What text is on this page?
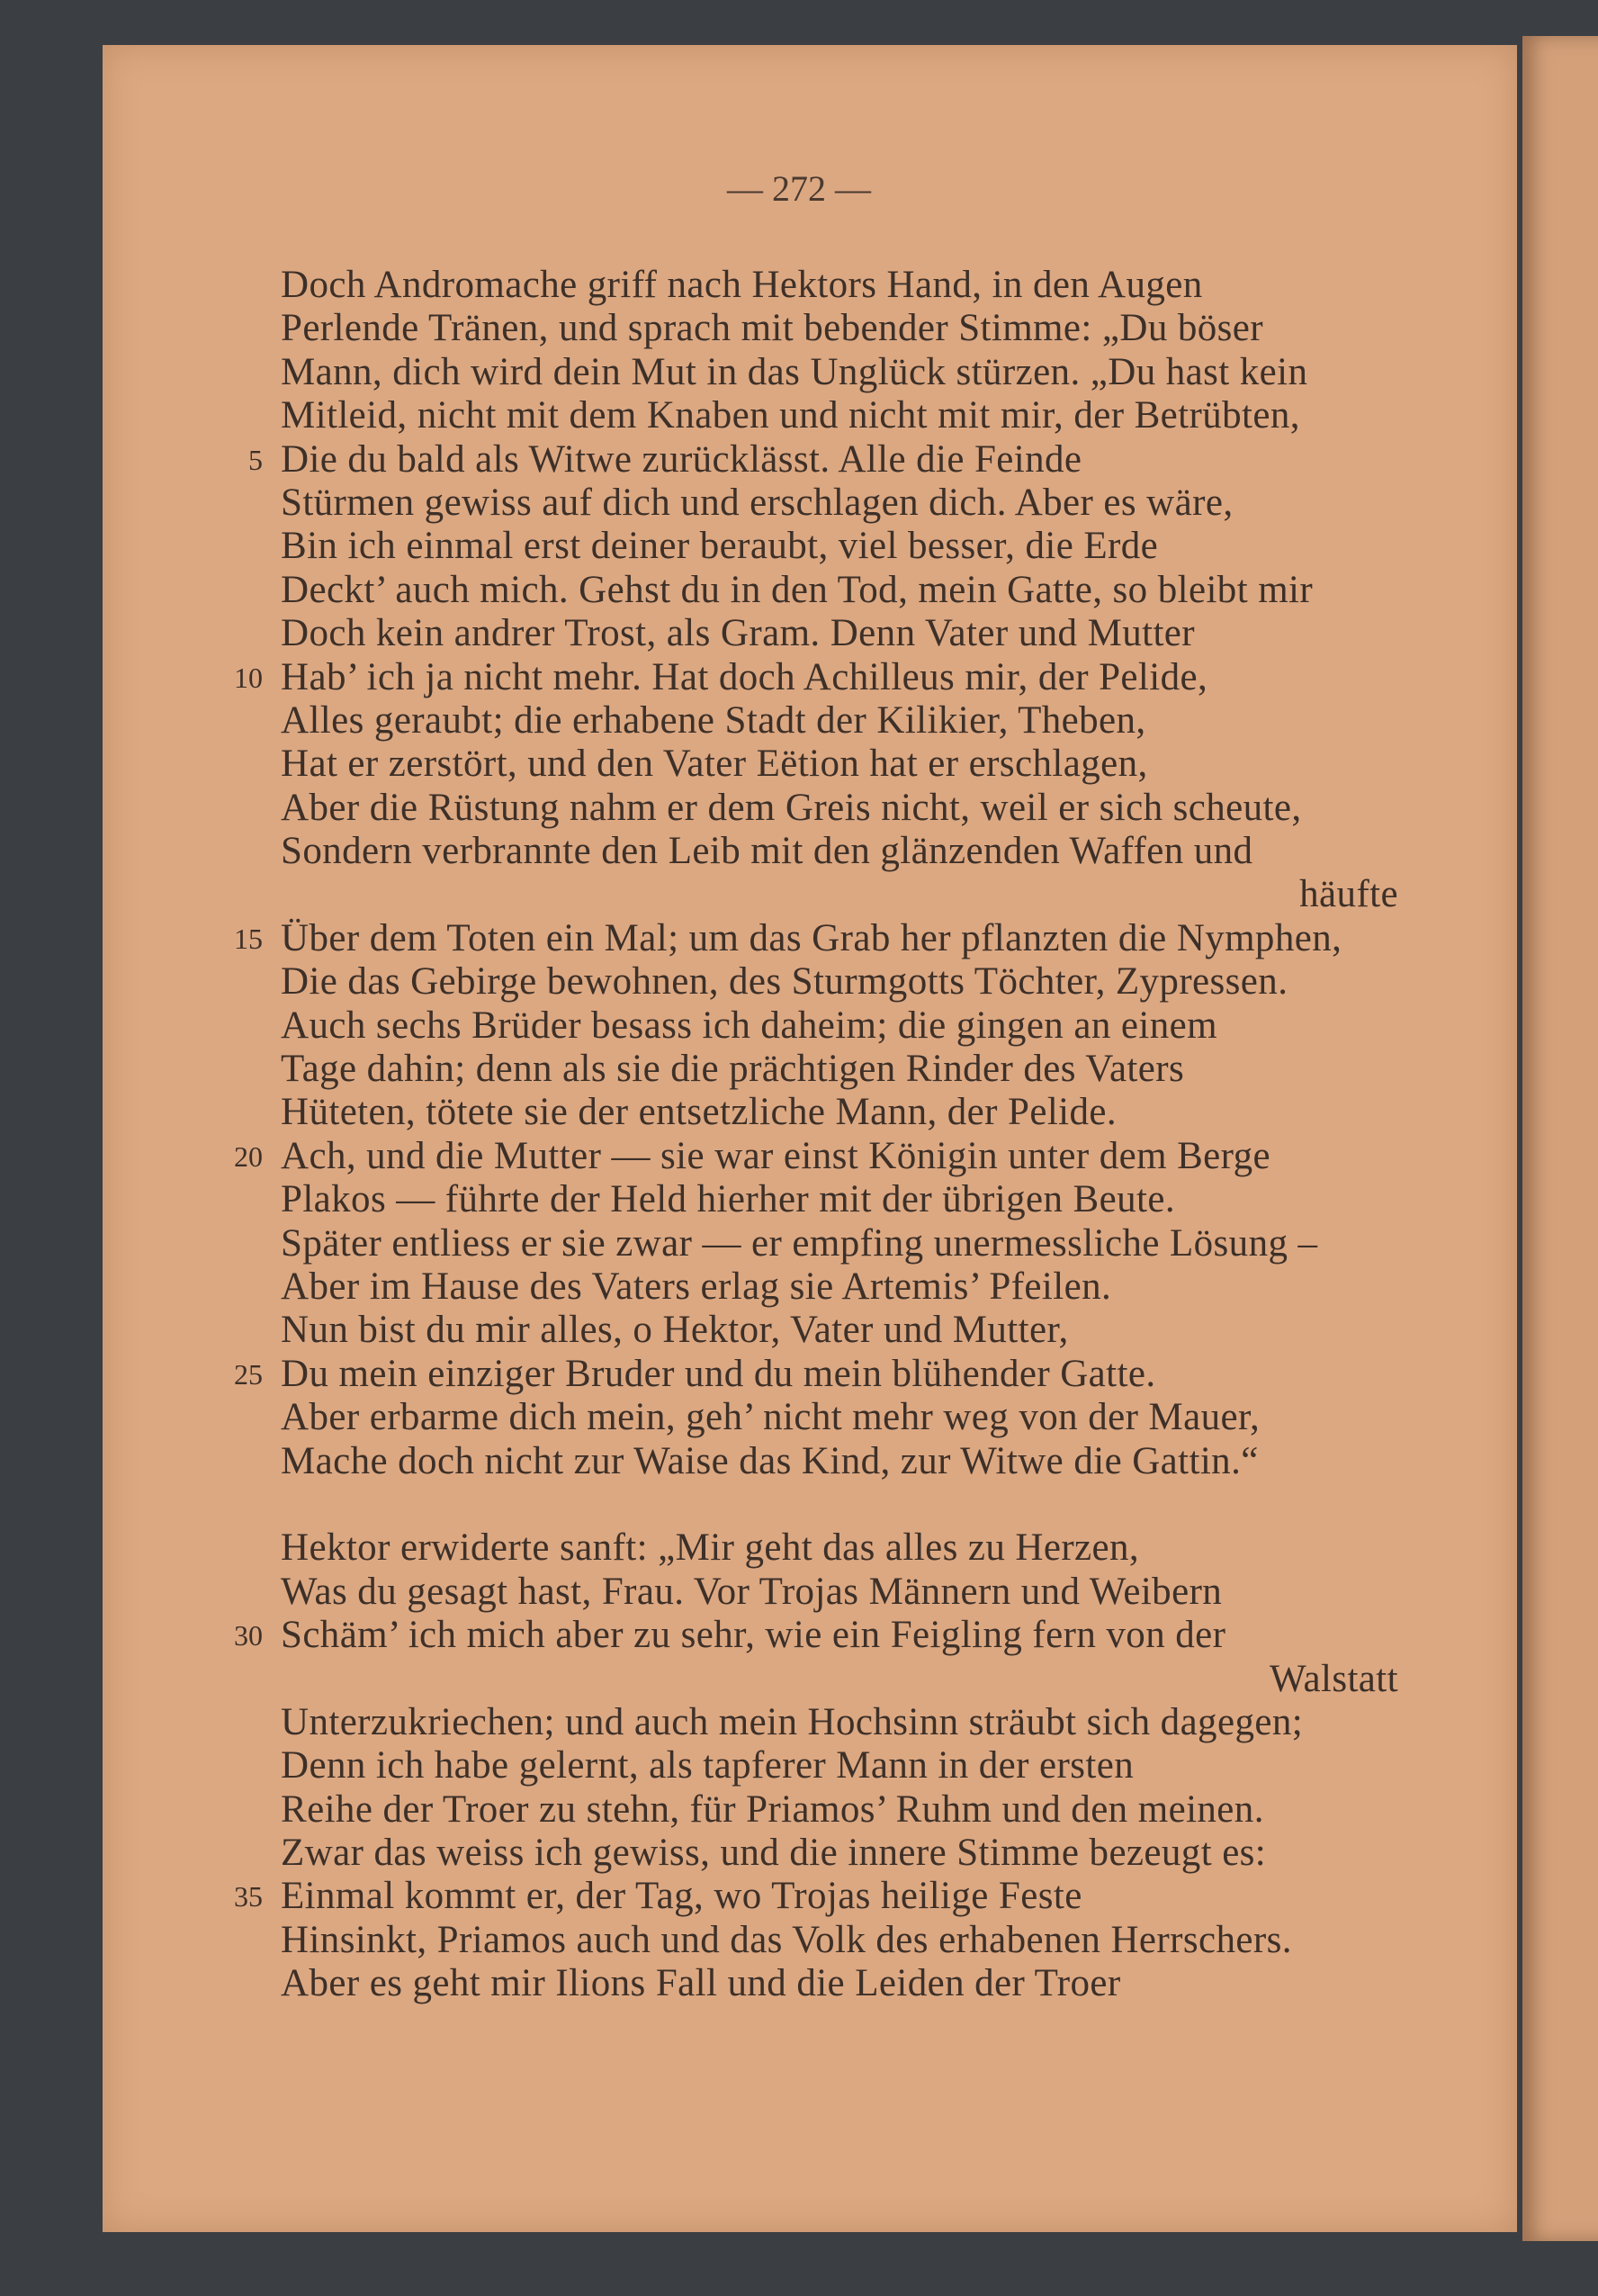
— 272 —
Doch Andromache griff nach Hektors Hand, in den Augen
Perlende Tränen, und sprach mit bebender Stimme: „Du böser
Mann, dich wird dein Mut in das Unglück stürzen. „Du hast kein
Mitleid, nicht mit dem Knaben und nicht mit mir, der Betrübten,
5 Die du bald als Witwe zurücklässt. Alle die Feinde
Stürmen gewiss auf dich und erschlagen dich. Aber es wäre,
Bin ich einmal erst deiner beraubt, viel besser, die Erde
Deckt’ auch mich. Gehst du in den Tod, mein Gatte, so bleibt mir
Doch kein andrer Trost, als Gram. Denn Vater und Mutter
10 Hab’ ich ja nicht mehr. Hat doch Achilleus mir, der Pelide,
Alles geraubt; die erhabene Stadt der Kilikier, Theben,
Hat er zerstört, und den Vater Eëtion hat er erschlagen,
Aber die Rüstung nahm er dem Greis nicht, weil er sich scheute,
Sondern verbrannte den Leib mit den glänzenden Waffen und
häufte
15 Über dem Toten ein Mal; um das Grab her pflanzten die Nymphen,
Die das Gebirge bewohnen, des Sturmgotts Töchter, Zypressen.
Auch sechs Brüder besass ich daheim; die gingen an einem
Tage dahin; denn als sie die prächtigen Rinder des Vaters
Hüteten, tötete sie der entsetzliche Mann, der Pelide.
20 Ach, und die Mutter — sie war einst Königin unter dem Berge
Plakos — führte der Held hierher mit der übrigen Beute.
Später entliess er sie zwar — er empfing unermessliche Lösung –
Aber im Hause des Vaters erlag sie Artemis’ Pfeilen.
Nun bist du mir alles, o Hektor, Vater und Mutter,
25 Du mein einziger Bruder und du mein blühender Gatte.
Aber erbarme dich mein, geh’ nicht mehr weg von der Mauer,
Mache doch nicht zur Waise das Kind, zur Witwe die Gattin.“
Hektor erwiderte sanft: „Mir geht das alles zu Herzen,
Was du gesagt hast, Frau. Vor Trojas Männern und Weibern
30 Schäm’ ich mich aber zu sehr, wie ein Feigling fern von der
Walstatt
Unterzukriechen; und auch mein Hochsinn sträubt sich dagegen;
Denn ich habe gelernt, als tapferer Mann in der ersten
Reihe der Troer zu stehn, für Priamos’ Ruhm und den meinen.
Zwar das weiss ich gewiss, und die innere Stimme bezeugt es:
35 Einmal kommt er, der Tag, wo Trojas heilige Feste
Hinsinkt, Priamos auch und das Volk des erhabenen Herrschers.
Aber es geht mir Ilions Fall und die Leiden der Troer
